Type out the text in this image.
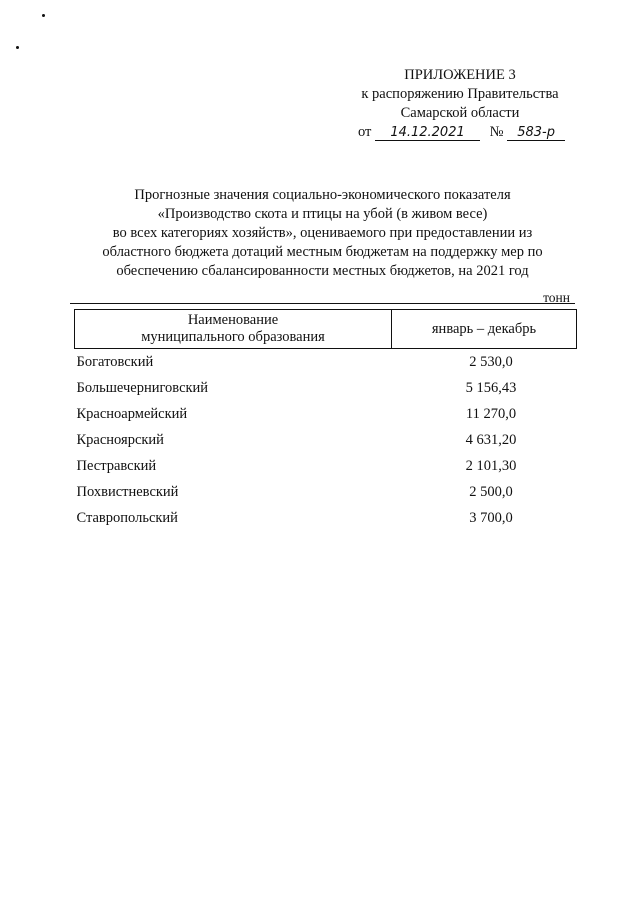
ПРИЛОЖЕНИЕ 3
к распоряжению Правительства
Самарской области
от 14.12.2021 № 583-р
Прогнозные значения социально-экономического показателя
«Производство скота и птицы на убой (в живом весе)
во всех категориях хозяйств», оцениваемого при предоставлении из
областного бюджета дотаций местным бюджетам на поддержку мер по
обеспечению сбалансированности местных бюджетов, на 2021 год
тонн
Наименование
муниципального образования	январь – декабрь
Богатовский	2 530,0
Большечерниговский	5 156,43
Красноармейский	11 270,0
Красноярский	4 631,20
Пестравский	2 101,30
Похвистневский	2 500,0
Ставропольский	3 700,0
